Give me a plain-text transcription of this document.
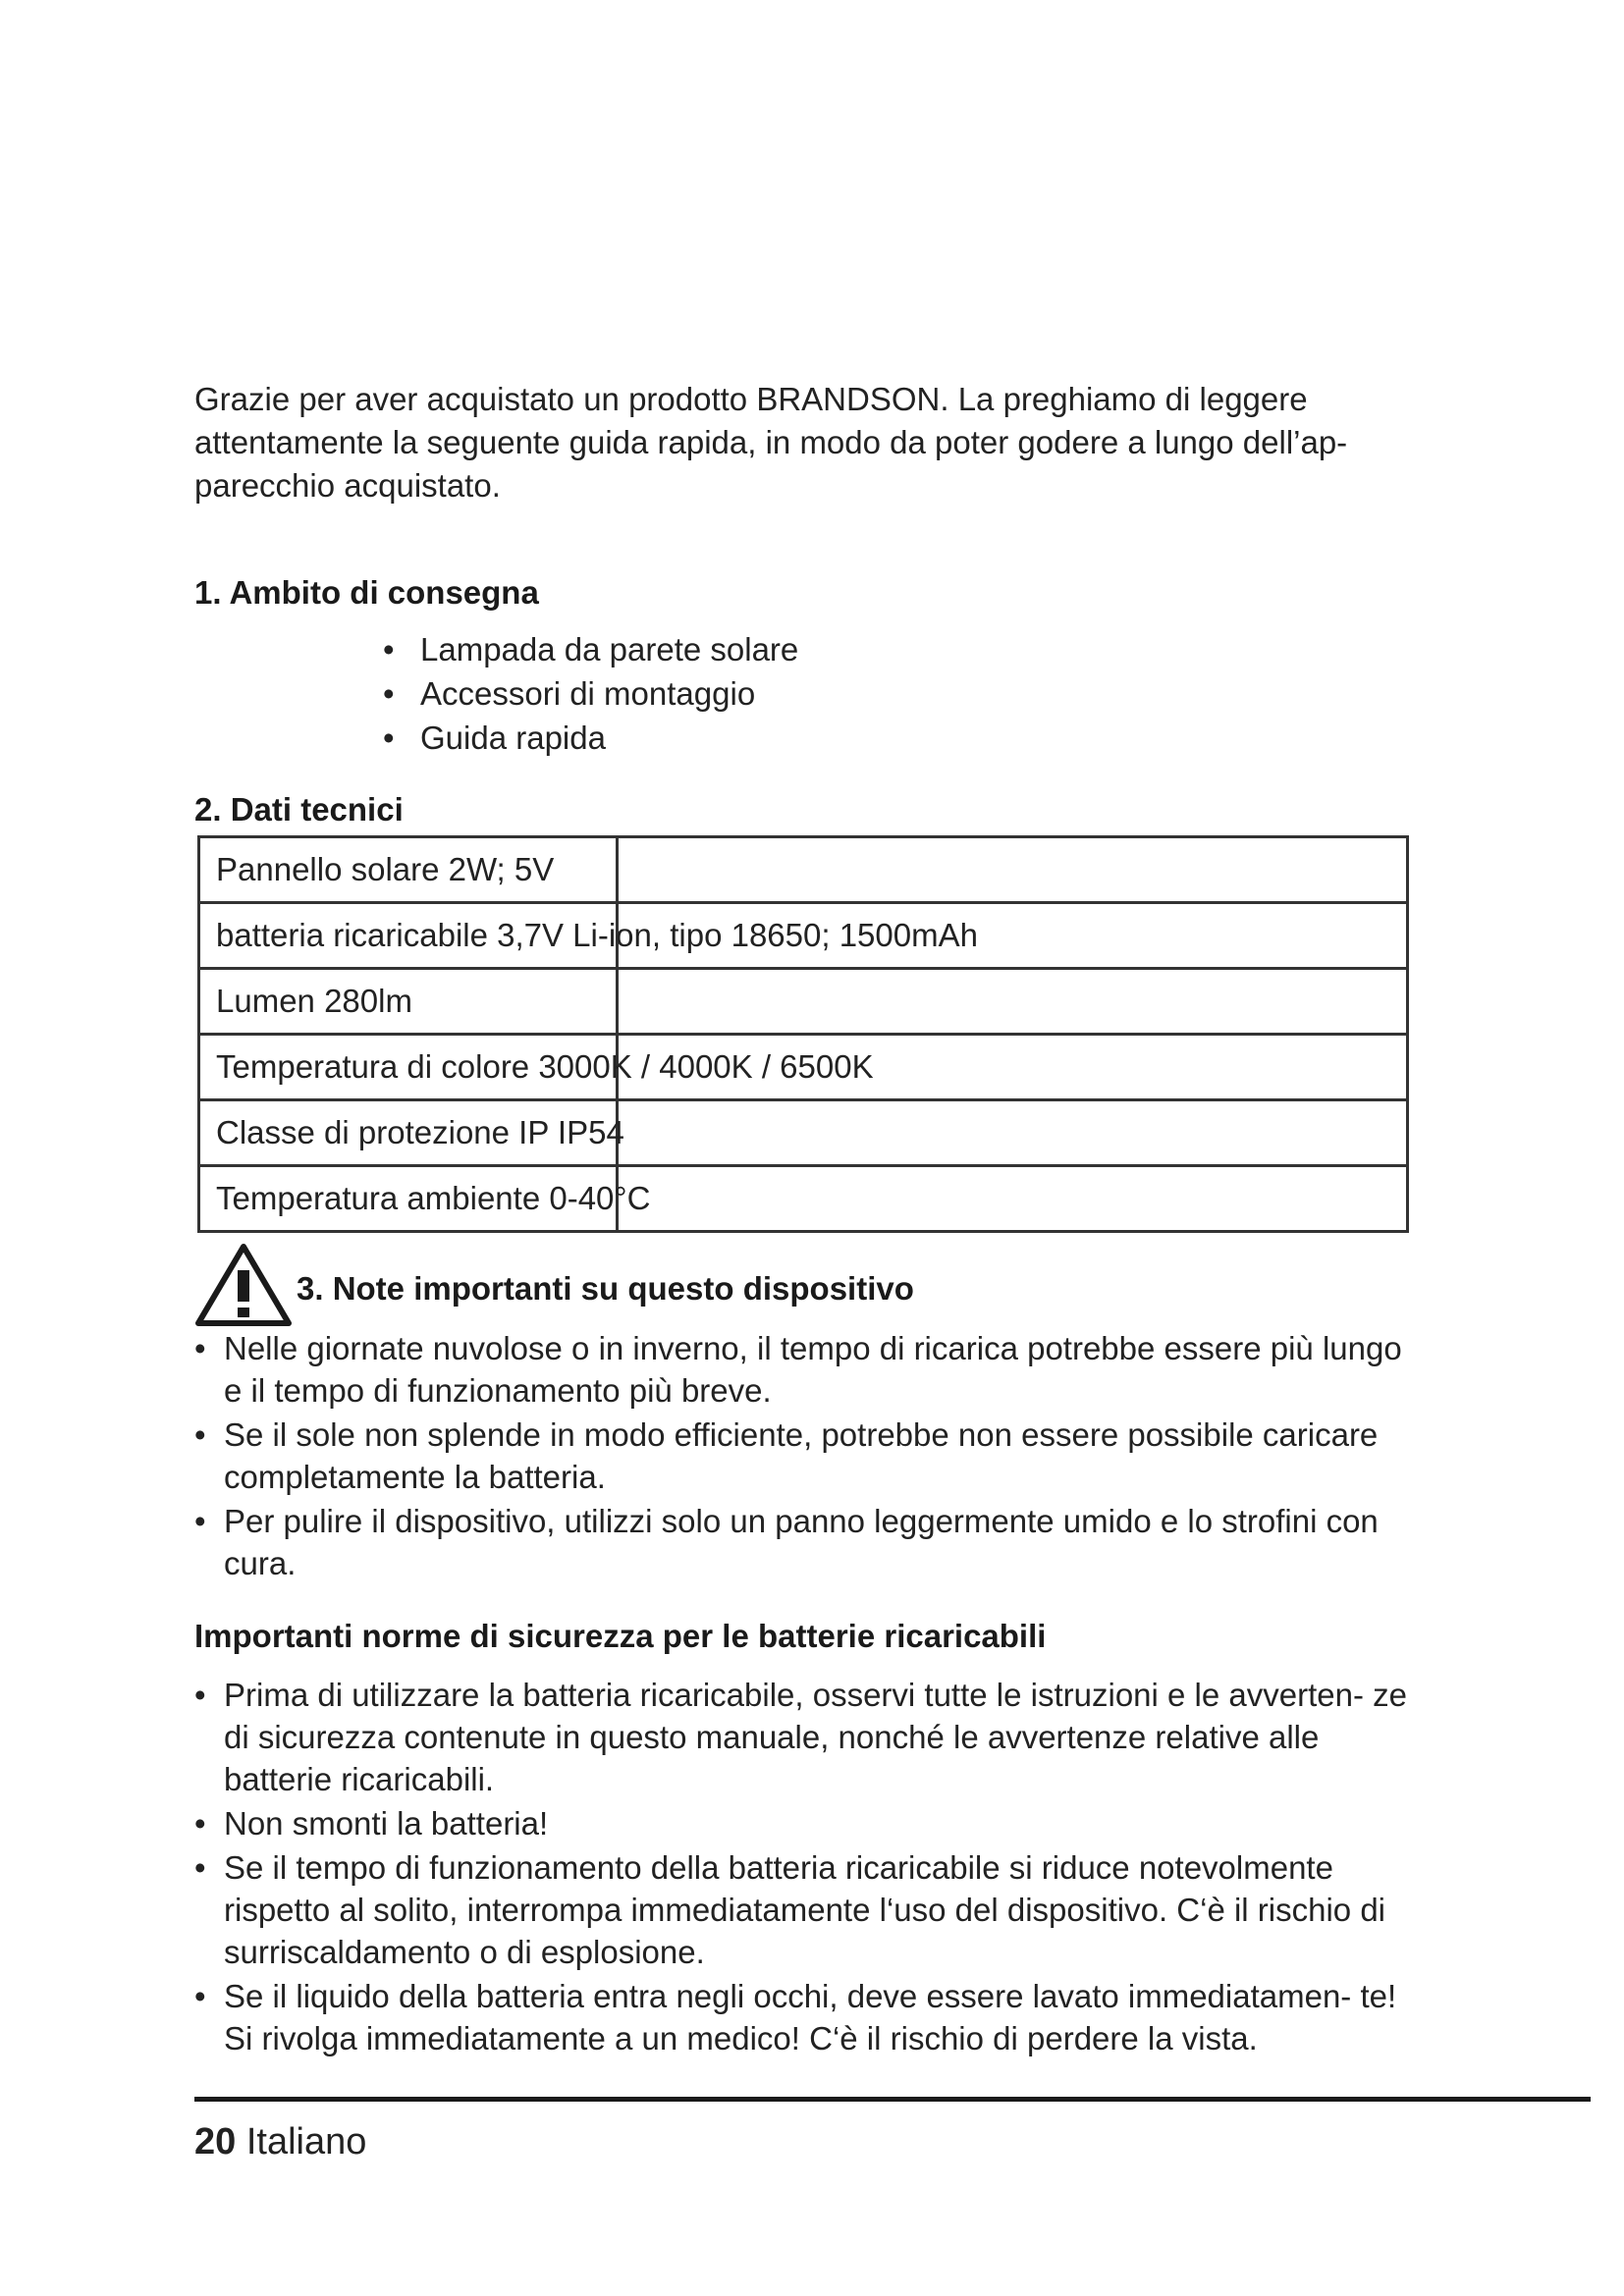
Grazie per aver acquistato un prodotto BRANDSON. La preghiamo di leggere

attentamente la seguente guida rapida, in modo da poter godere a lungo dell’ap-

parecchio acquistato.

1. Ambito di consegna
• Lampada da parete solare
• Accessori di montaggio
• Guida rapida
2. Dati tecnici
Pannello solare 2W; 5V
batteria ricaricabile 3,7V Li-ion, tipo 18650; 1500mAh
Lumen 280lm
Temperatura di colore 3000K / 4000K / 6500K
Classe di protezione IP IP54
Temperatura ambiente 0-40°C
3. Note importanti su questo dispositivo
• Nelle giornate nuvolose o in inverno, il tempo di ricarica potrebbe essere più lungo e il tempo di funzionamento più breve.
• Se il sole non splende in modo efficiente, potrebbe non essere possibile caricare completamente la batteria.
• Per pulire il dispositivo, utilizzi solo un panno leggermente umido e lo strofini con cura.
Importanti norme di sicurezza per le batterie ricaricabili
• Prima di utilizzare la batteria ricaricabile, osservi tutte le istruzioni e le avverten- ze di sicurezza contenute in questo manuale, nonché le avvertenze relative alle batterie ricaricabili.
• Non smonti la batteria!
• Se il tempo di funzionamento della batteria ricaricabile si riduce notevolmente rispetto al solito, interrompa immediatamente l‘uso del dispositivo. C‘è il rischio di surriscaldamento o di esplosione.
• Se il liquido della batteria entra negli occhi, deve essere lavato immediatamen- te! Si rivolga immediatamente a un medico! C‘è il rischio di perdere la vista.
20 Italiano
